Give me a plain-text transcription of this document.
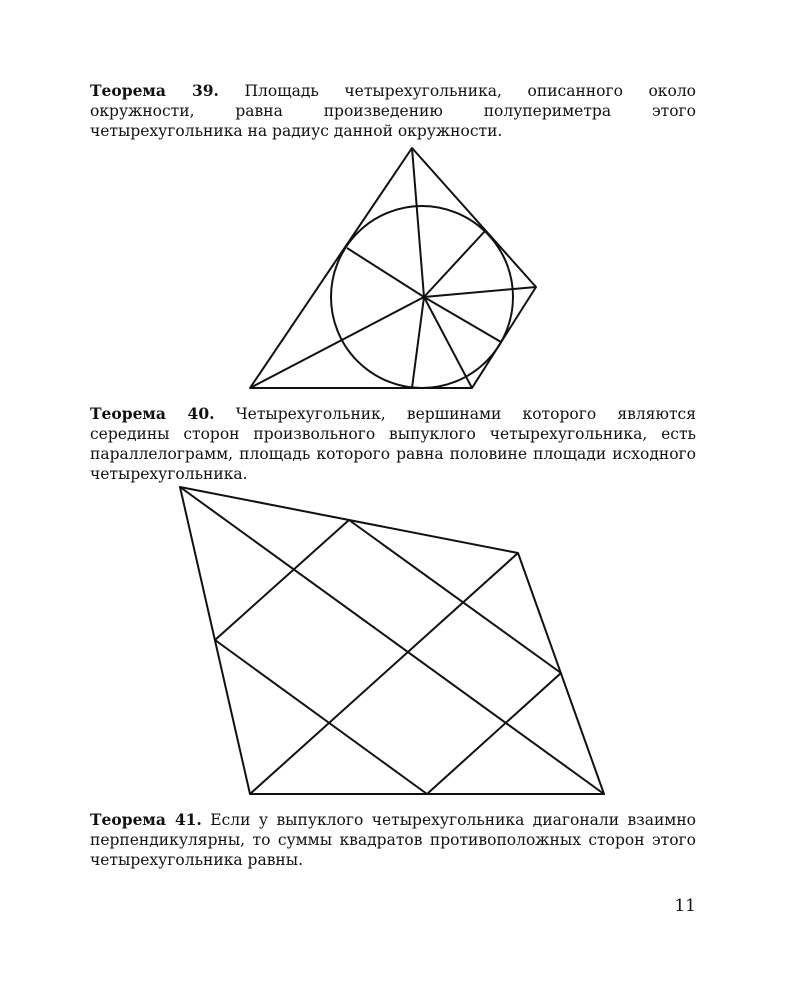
Теорема 39. Площадь четырехугольника, описанного около окружности, равна произведению полупериметра этого четырехугольника на радиус данной окружности.

Теорема 40. Четырехугольник, вершинами которого являются середины сторон произвольного выпуклого четырехугольника, есть параллелограмм, площадь которого равна половине площади исходного четырехугольника.

Теорема 41. Если у выпуклого четырехугольника диагонали взаимно перпендикулярны, то суммы квадратов противоположных сторон этого четырехугольника равны.

11
